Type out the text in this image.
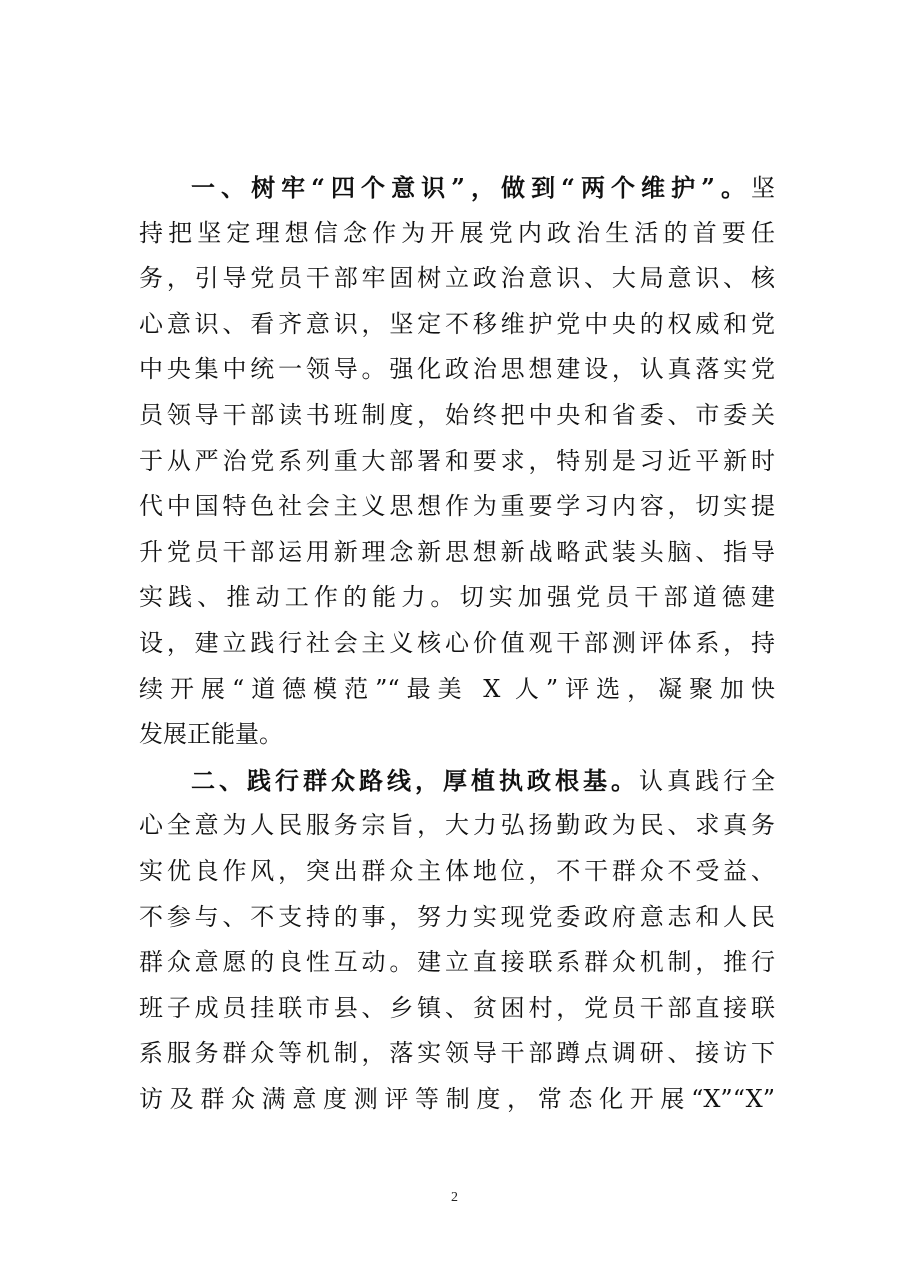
一、树牢“四个意识”，做到“两个维护”。坚
持把坚定理想信念作为开展党内政治生活的首要任
务，引导党员干部牢固树立政治意识、大局意识、核
心意识、看齐意识，坚定不移维护党中央的权威和党
中央集中统一领导。强化政治思想建设，认真落实党
员领导干部读书班制度，始终把中央和省委、市委关
于从严治党系列重大部署和要求，特别是习近平新时
代中国特色社会主义思想作为重要学习内容，切实提
升党员干部运用新理念新思想新战略武装头脑、指导
实践、推动工作的能力。切实加强党员干部道德建
设，建立践行社会主义核心价值观干部测评体系，持
续开展“道德模范”“最美 X 人”评选，凝聚加快
发展正能量。
二、践行群众路线，厚植执政根基。认真践行全
心全意为人民服务宗旨，大力弘扬勤政为民、求真务
实优良作风，突出群众主体地位，不干群众不受益、
不参与、不支持的事，努力实现党委政府意志和人民
群众意愿的良性互动。建立直接联系群众机制，推行
班子成员挂联市县、乡镇、贫困村，党员干部直接联
系服务群众等机制，落实领导干部蹲点调研、接访下
访及群众满意度测评等制度，常态化开展“X”“X”
2
